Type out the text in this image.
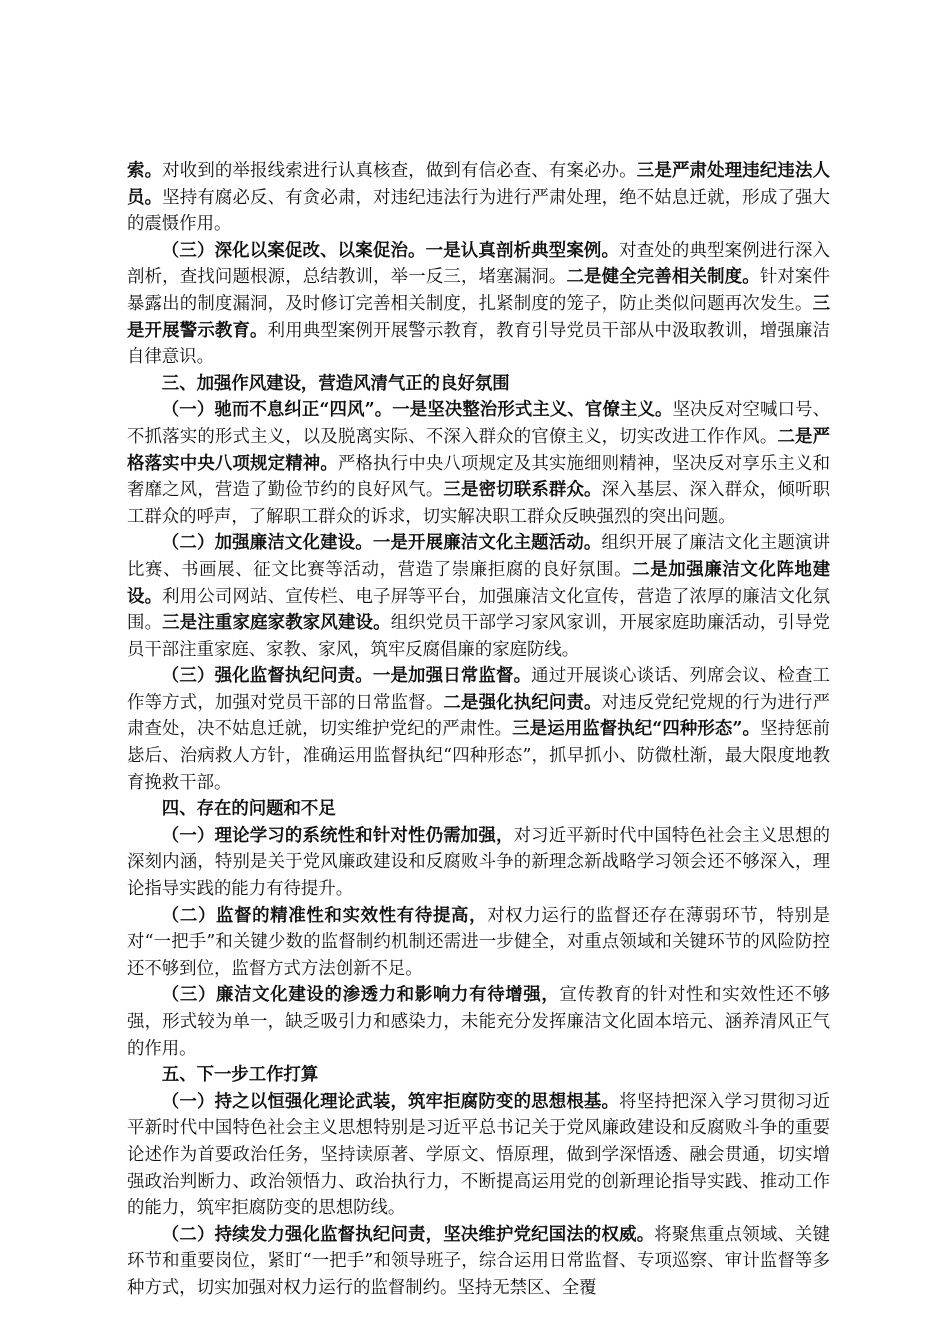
索。对收到的举报线索进行认真核查，做到有信必查、有案必办。三是严肃处理违纪违法人员。坚持有腐必反、有贪必肃，对违纪违法行为进行严肃处理，绝不姑息迁就，形成了强大的震慑作用。

（三）深化以案促改、以案促治。一是认真剖析典型案例。对查处的典型案例进行深入剖析，查找问题根源，总结教训，举一反三，堵塞漏洞。二是健全完善相关制度。针对案件暴露出的制度漏洞，及时修订完善相关制度，扎紧制度的笼子，防止类似问题再次发生。三是开展警示教育。利用典型案例开展警示教育，教育引导党员干部从中汲取教训，增强廉洁自律意识。

三、加强作风建设，营造风清气正的良好氛围

（一）驰而不息纠正“四风”。一是坚决整治形式主义、官僚主义。坚决反对空喊口号、不抓落实的形式主义，以及脱离实际、不深入群众的官僚主义，切实改进工作作风。二是严格落实中央八项规定精神。严格执行中央八项规定及其实施细则精神，坚决反对享乐主义和奢靡之风，营造了勤俭节约的良好风气。三是密切联系群众。深入基层、深入群众，倾听职工群众的呼声，了解职工群众的诉求，切实解决职工群众反映强烈的突出问题。

（二）加强廉洁文化建设。一是开展廉洁文化主题活动。组织开展了廉洁文化主题演讲比赛、书画展、征文比赛等活动，营造了崇廉拒腐的良好氛围。二是加强廉洁文化阵地建设。利用公司网站、宣传栏、电子屏等平台，加强廉洁文化宣传，营造了浓厚的廉洁文化氛围。三是注重家庭家教家风建设。组织党员干部学习家风家训，开展家庭助廉活动，引导党员干部注重家庭、家教、家风，筑牢反腐倡廉的家庭防线。

（三）强化监督执纪问责。一是加强日常监督。通过开展谈心谈话、列席会议、检查工作等方式，加强对党员干部的日常监督。二是强化执纪问责。对违反党纪党规的行为进行严肃查处，决不姑息迁就，切实维护党纪的严肃性。三是运用监督执纪“四种形态”。坚持惩前毖后、治病救人方针，准确运用监督执纪“四种形态”，抓早抓小、防微杜渐，最大限度地教育挽救干部。

四、存在的问题和不足

（一）理论学习的系统性和针对性仍需加强，对习近平新时代中国特色社会主义思想的深刻内涵，特别是关于党风廉政建设和反腐败斗争的新理念新战略学习领会还不够深入，理论指导实践的能力有待提升。

（二）监督的精准性和实效性有待提高，对权力运行的监督还存在薄弱环节，特别是对“一把手”和关键少数的监督制约机制还需进一步健全，对重点领域和关键环节的风险防控还不够到位，监督方式方法创新不足。

（三）廉洁文化建设的渗透力和影响力有待增强，宣传教育的针对性和实效性还不够强，形式较为单一，缺乏吸引力和感染力，未能充分发挥廉洁文化固本培元、涵养清风正气的作用。

五、下一步工作打算

（一）持之以恒强化理论武装，筑牢拒腐防变的思想根基。将坚持把深入学习贯彻习近平新时代中国特色社会主义思想特别是习近平总书记关于党风廉政建设和反腐败斗争的重要论述作为首要政治任务，坚持读原著、学原文、悟原理，做到学深悟透、融会贯通，切实增强政治判断力、政治领悟力、政治执行力，不断提高运用党的创新理论指导实践、推动工作的能力，筑牢拒腐防变的思想防线。

（二）持续发力强化监督执纪问责，坚决维护党纪国法的权威。将聚焦重点领域、关键环节和重要岗位，紧盯“一把手”和领导班子，综合运用日常监督、专项巡察、审计监督等多种方式，切实加强对权力运行的监督制约。坚持无禁区、全覆
